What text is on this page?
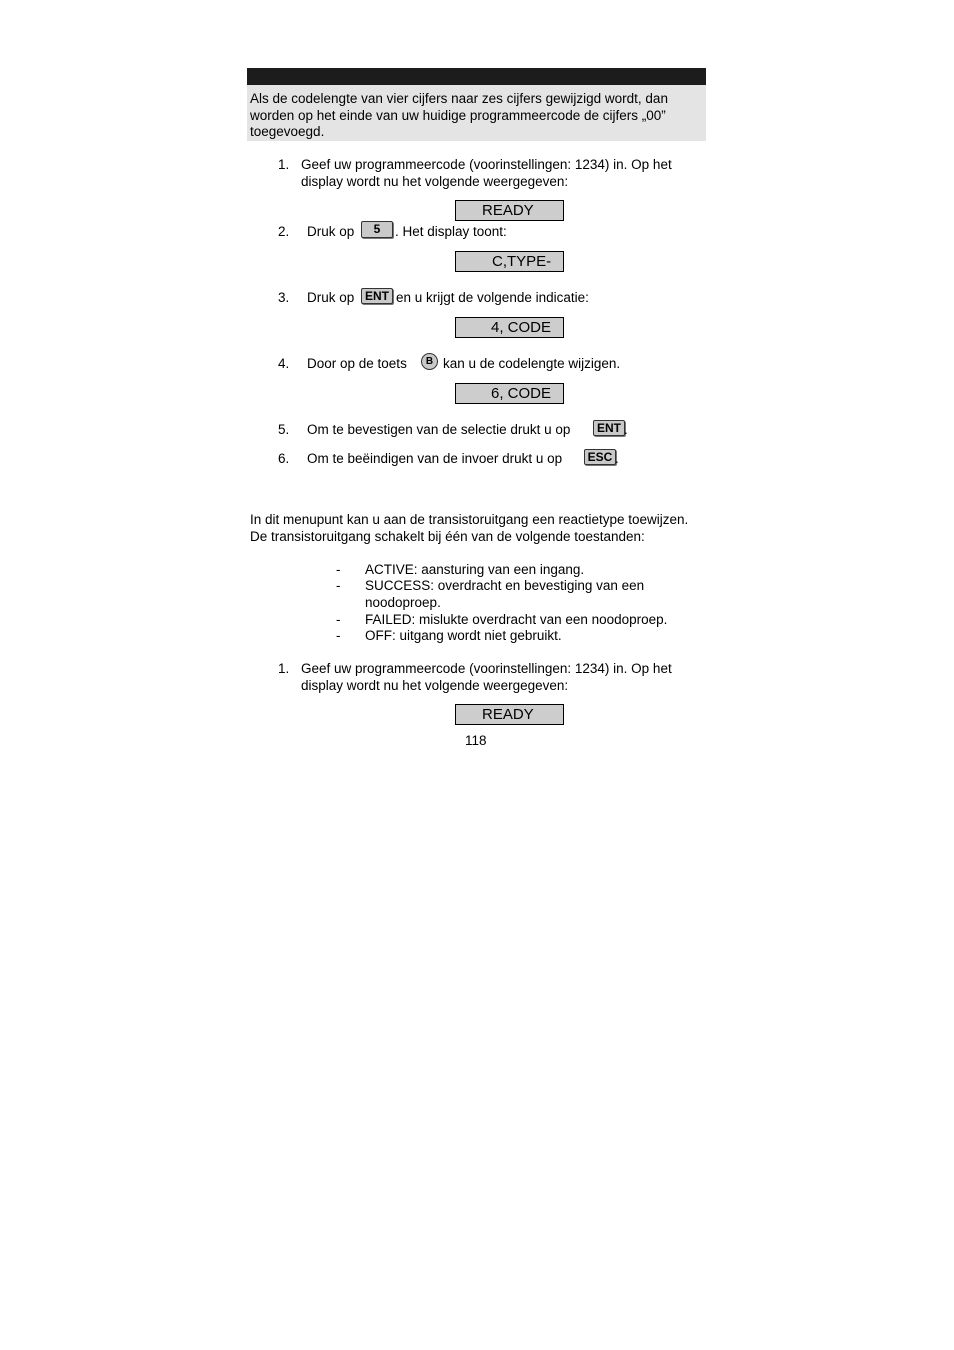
Als de codelengte van vier cijfers naar zes cijfers gewijzigd wordt, dan worden op het einde van uw huidige programmeercode de cijfers „00” toegevoegd.
1. Geef uw programmeercode (voorinstellingen: 1234) in. Op het display wordt nu het volgende weergegeven:
READY
2. Druk op	5	. Het display toont:
C,TYPE-
3. Druk op ENT en u krijgt de volgende indicatie:
4, CODE
4. Door op de toets	B kan u de codelengte wijzigen.
6, CODE
5. Om te bevestigen van de selectie drukt u op	ENT .
6. Om te beëindigen van de invoer drukt u op	ESC .
In dit menupunt kan u aan de transistoruitgang een reactietype toewijzen. De transistoruitgang schakelt bij één van de volgende toestanden:
- ACTIVE: aansturing van een ingang.
- SUCCESS: overdracht en bevestiging van een noodoproep.
- FAILED: mislukte overdracht van een noodoproep.
- OFF: uitgang wordt niet gebruikt.
1. Geef uw programmeercode (voorinstellingen: 1234) in. Op het display wordt nu het volgende weergegeven:
READY
118
